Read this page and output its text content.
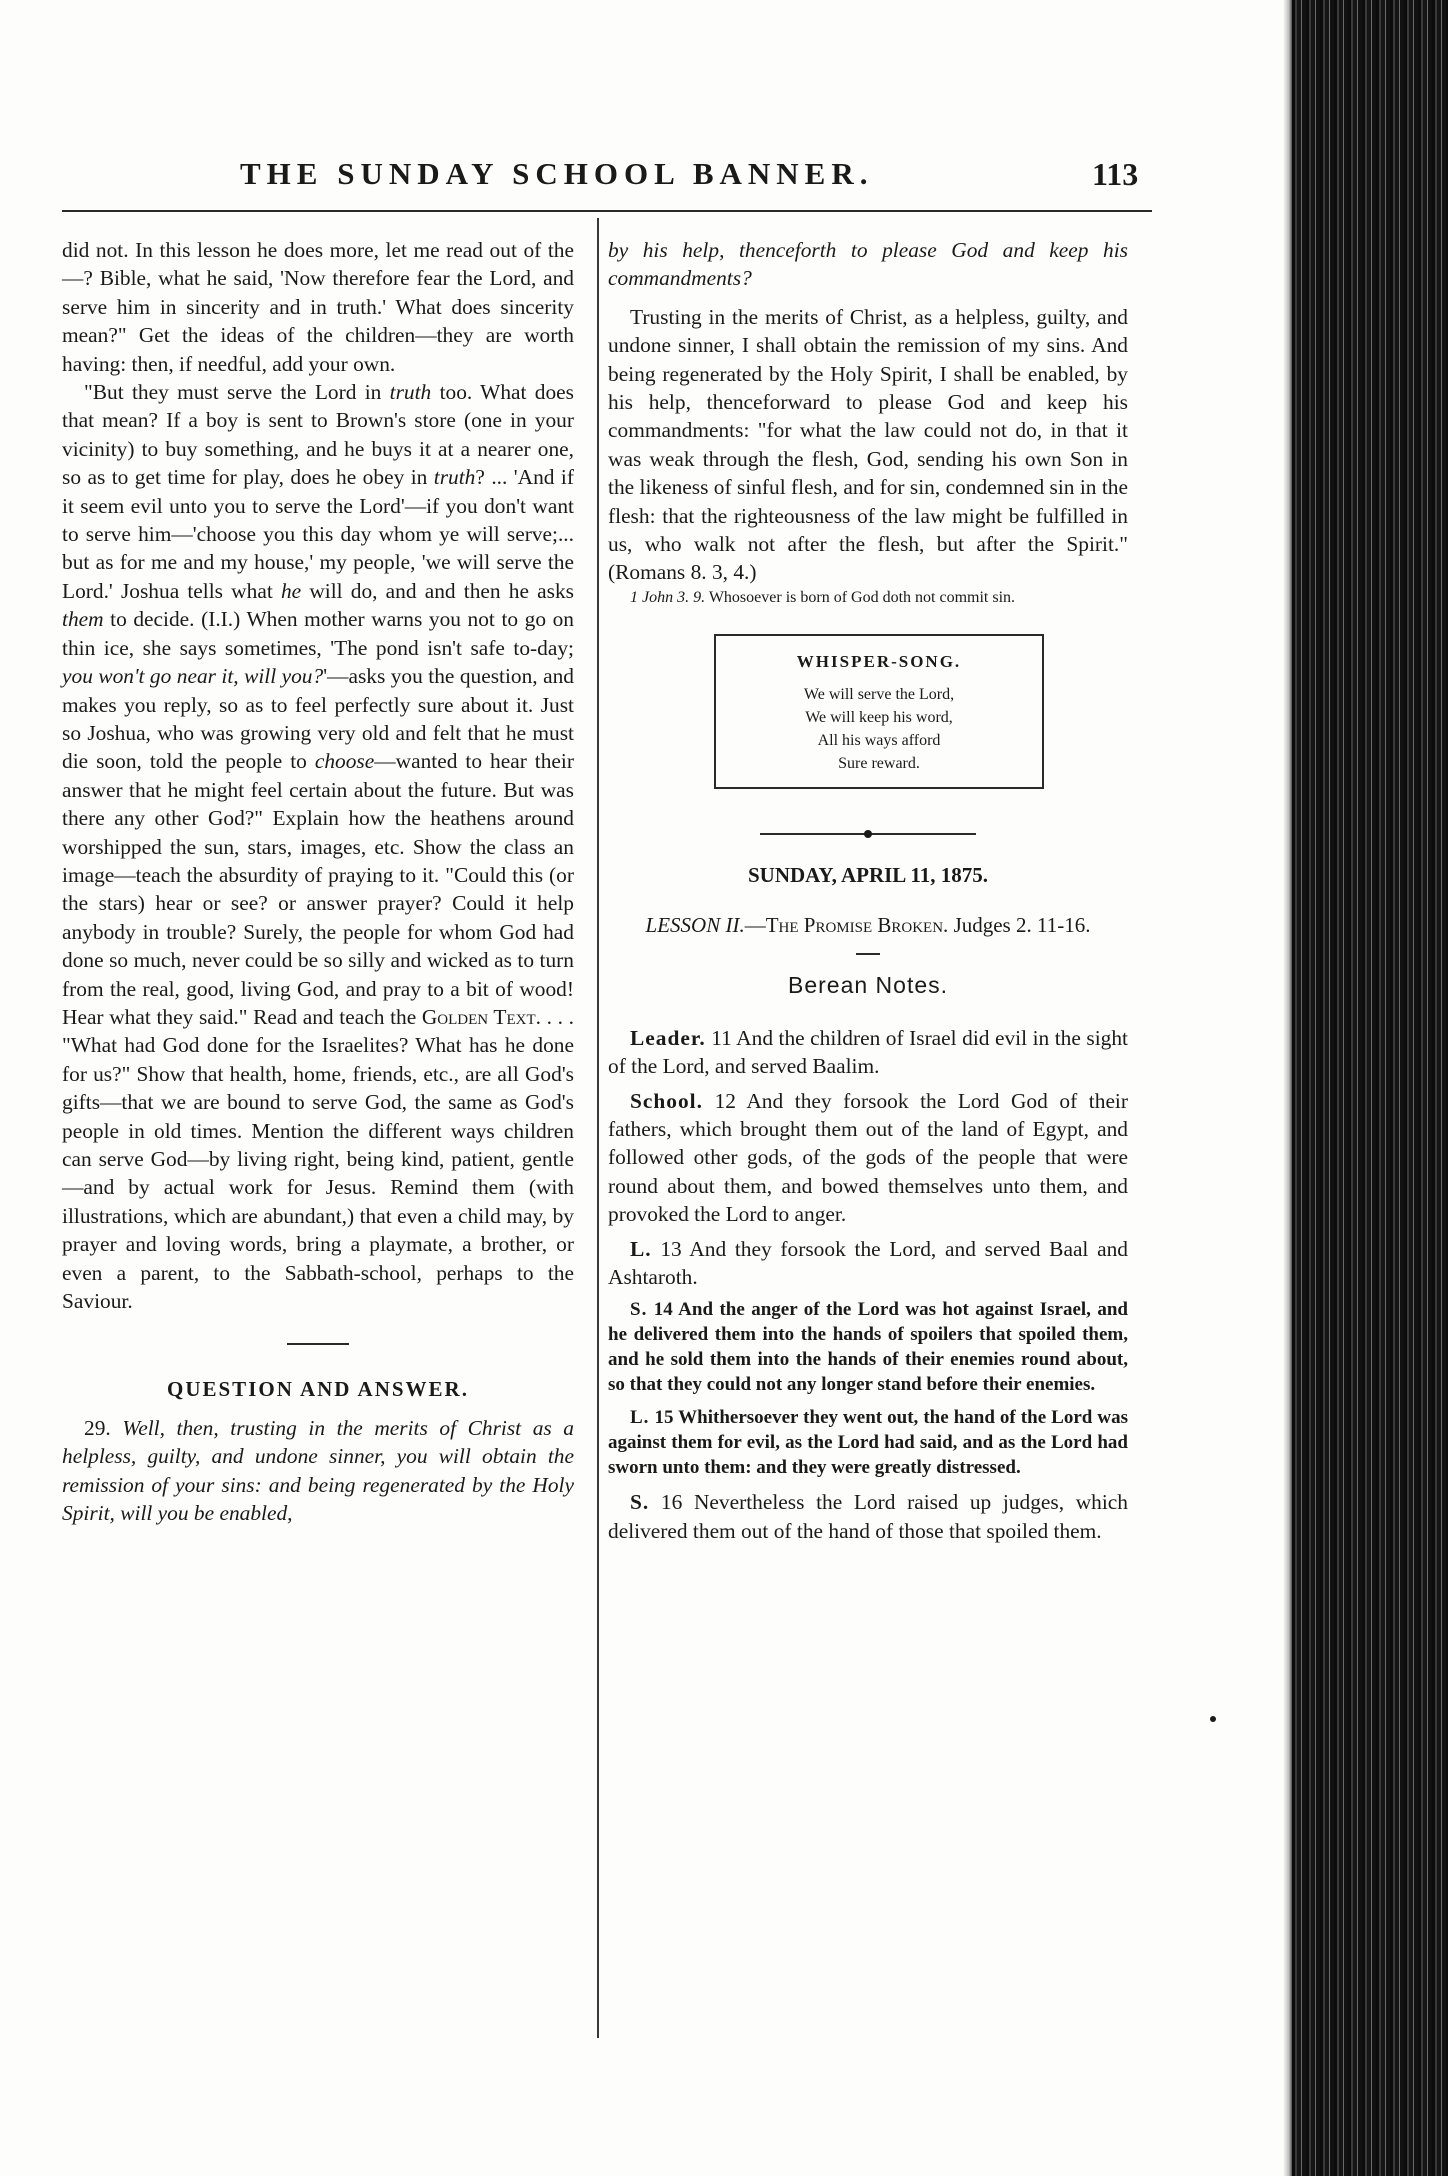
THE SUNDAY SCHOOL BANNER.	113

did not. In this lesson he does more, let me read out of the—? Bible, what he said, 'Now therefore fear the Lord, and serve him in sincerity and in truth.' What does sincerity mean?" Get the ideas of the children—they are worth having: then, if needful, add your own.

"But they must serve the Lord in truth too. What does that mean? If a boy is sent to Brown's store (one in your vicinity) to buy something, and he buys it at a nearer one, so as to get time for play, does he obey in truth? ... 'And if it seem evil unto you to serve the Lord'—if you don't want to serve him—'choose you this day whom ye will serve;... but as for me and my house,' my people, 'we will serve the Lord.' Joshua tells what he will do, and and then he asks them to decide. (I.I.) When mother warns you not to go on thin ice, she says sometimes, 'The pond isn't safe to-day; you won't go near it, will you?'—asks you the question, and makes you reply, so as to feel perfectly sure about it. Just so Joshua, who was growing very old and felt that he must die soon, told the people to choose—wanted to hear their answer that he might feel certain about the future. But was there any other God?" Explain how the heathens around worshipped the sun, stars, images, etc. Show the class an image—teach the absurdity of praying to it. "Could this (or the stars) hear or see? or answer prayer? Could it help anybody in trouble? Surely, the people for whom God had done so much, never could be so silly and wicked as to turn from the real, good, living God, and pray to a bit of wood! Hear what they said." Read and teach the Golden Text. . . . "What had God done for the Israelites? What has he done for us?" Show that health, home, friends, etc., are all God's gifts—that we are bound to serve God, the same as God's people in old times. Mention the different ways children can serve God—by living right, being kind, patient, gentle—and by actual work for Jesus. Remind them (with illustrations, which are abundant,) that even a child may, by prayer and loving words, bring a playmate, a brother, or even a parent, to the Sabbath-school, perhaps to the Saviour.

QUESTION AND ANSWER.

29. Well, then, trusting in the merits of Christ as a helpless, guilty, and undone sinner, you will obtain the remission of your sins: and being regenerated by the Holy Spirit, will you be enabled,

by his help, thenceforth to please God and keep his commandments?

Trusting in the merits of Christ, as a helpless, guilty, and undone sinner, I shall obtain the remission of my sins. And being regenerated by the Holy Spirit, I shall be enabled, by his help, thenceforward to please God and keep his commandments: "for what the law could not do, in that it was weak through the flesh, God, sending his own Son in the likeness of sinful flesh, and for sin, condemned sin in the flesh: that the righteousness of the law might be fulfilled in us, who walk not after the flesh, but after the Spirit." (Romans 8. 3, 4.)

1 John 3. 9. Whosoever is born of God doth not commit sin.

WHISPER-SONG.
We will serve the Lord,
We will keep his word,
All his ways afford
Sure reward.
SUNDAY, APRIL 11, 1875.
LESSON II.—The Promise Broken. Judges 2. 11-16.
Berean Notes.

Leader. 11 And the children of Israel did evil in the sight of the Lord, and served Baalim.

School. 12 And they forsook the Lord God of their fathers, which brought them out of the land of Egypt, and followed other gods, of the gods of the people that were round about them, and bowed themselves unto them, and provoked the Lord to anger.

L. 13 And they forsook the Lord, and served Baal and Ashtaroth.

S. 14 And the anger of the Lord was hot against Israel, and he delivered them into the hands of spoilers that spoiled them, and he sold them into the hands of their enemies round about, so that they could not any longer stand before their enemies.

L. 15 Whithersoever they went out, the hand of the Lord was against them for evil, as the Lord had said, and as the Lord had sworn unto them: and they were greatly distressed.

S. 16 Nevertheless the Lord raised up judges, which delivered them out of the hand of those that spoiled them.
